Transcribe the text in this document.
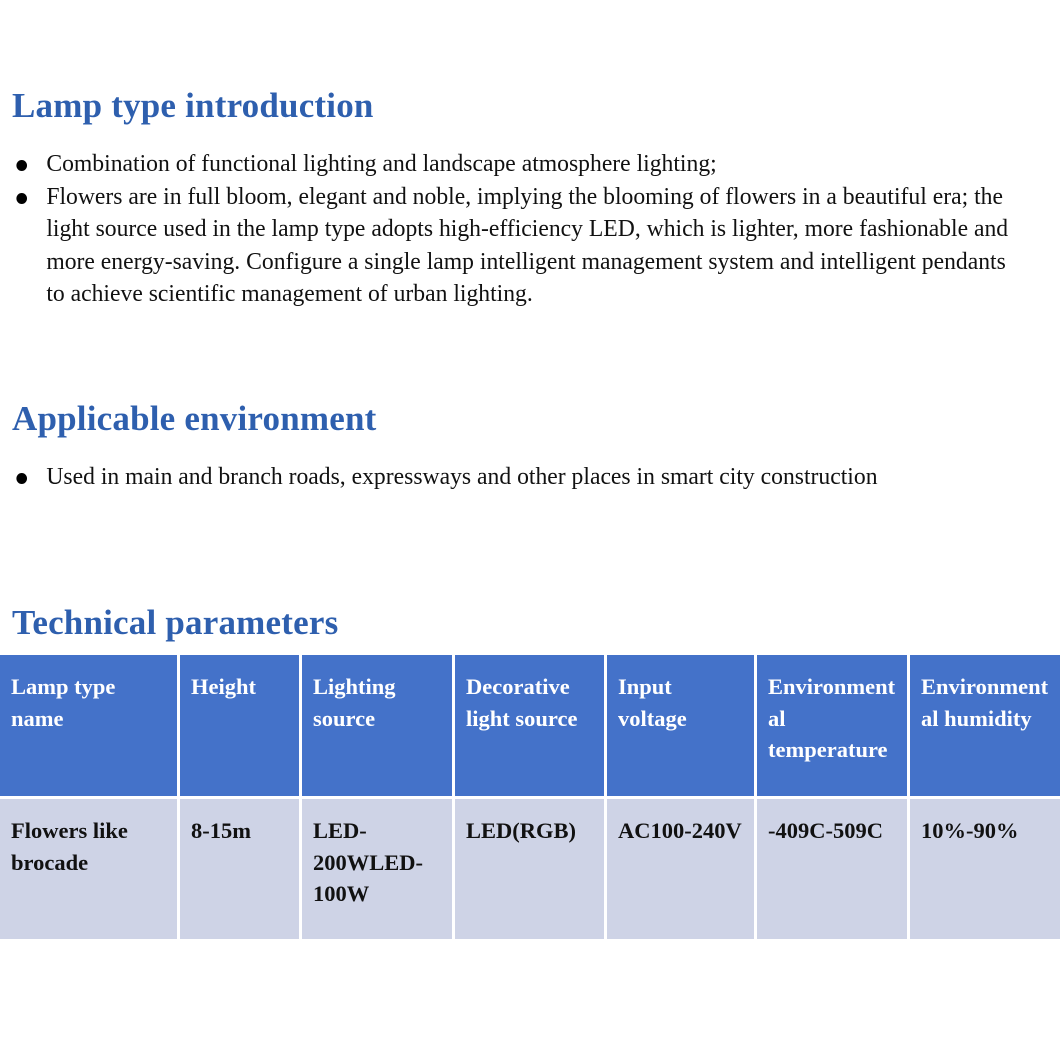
Lamp type introduction
Combination of functional lighting and landscape atmosphere lighting;
Flowers are in full bloom, elegant and noble, implying the blooming of flowers in a beautiful era; the light source used in the lamp type adopts high-efficiency LED, which is lighter, more fashionable and more energy-saving. Configure a single lamp intelligent management system and intelligent pendants to achieve scientific management of urban lighting.
Applicable environment
Used in main and branch roads, expressways and other places in smart city construction
Technical parameters
Lamp type name	Height	Lighting source	Decorative light source	Input voltage	Environmental temperature	Environmental humidity
Flowers like brocade	8-15m	LED-200WLED-100W	LED(RGB)	AC100-240V	-409C-509C	10%-90%
